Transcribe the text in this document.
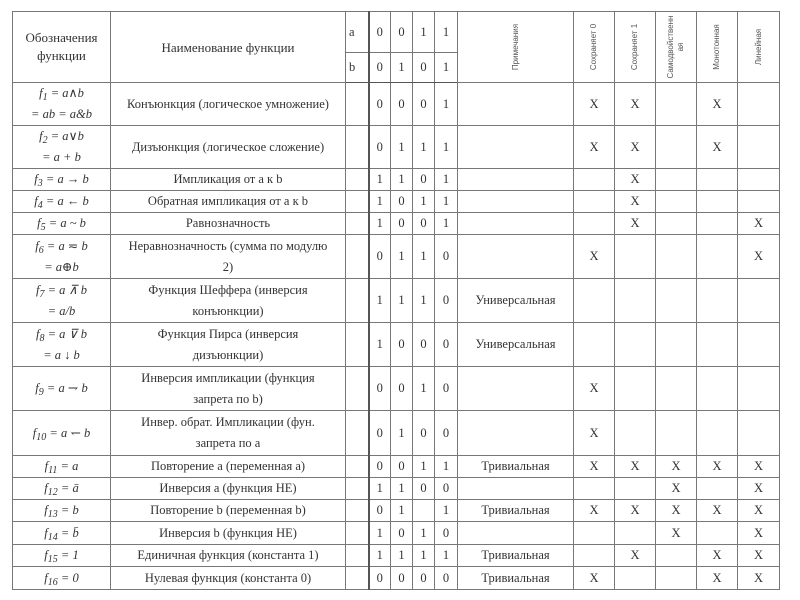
Обозначения функции	Наименование функции	a	0	0	1	1	Примечания	Сохраняет 0	Сохраняет 1	Самодвойственная	Монотонная	Линейная

		b	0	1	0	1						
$f_1$ = a∧b
= ab = a&b	Конъюнкция (логическое умножение)		0	0	0	1		X	X		X	
$f_2$ = a∨b
= a + b	Дизъюнкция (логическое сложение)		0	1	1	1		X	X		X	
$f_3 = a \to b$	Импликация от a к b		1	1	0	1			X			
$f_4 = a$ ← b	Обратная импликация от a к b		1	0	1	1			X			
$f_5 = a$ ~ b	Равнозначность		1	0	0	1			X			X
$f_6 = a$ ≂ b
= a⊕b	Неравнозначность (сумма по модулю 2)		0	1	1	0		X				X
$f_7 = a$ ⊼ b
= a/b	Функция Шеффера (инверсия конъюнкции)		1	1	1	0	Универсальная					
$f_8 = a$ ⊽ b
= a ↓ b	Функция Пирса (инверсия дизъюнкции)		1	0	0	0	Универсальная					
$f_9 = a$ ⇁ b	Инверсия импликации (функция запрета по b)		0	0	1	0		X				
$f_{10} = a$ ↽ b	Инвер. обрат. Импликации (фун. запрета по a		0	1	0	0		X				
$f_{11} = a$	Повторение a (переменная a)		0	0	1	1	Тривиальная	X	X	X	X	X
$f_{12}$ = ā	Инверсия a (функция НЕ)		1	1	0	0				X		X
$f_{13} = b$	Повторение b (переменная b)		0	1		1	Тривиальная	X	X	X	X	X
$f_{14}$ = b̄	Инверсия b (функция НЕ)		1	0	1	0				X		X
$f_{15} = 1$	Единичная функция (константа 1)		1	1	1	1	Тривиальная		X		X	X
$f_{16} = 0$	Нулевая функция (константа 0)		0	0	0	0	Тривиальная	X			X	X
